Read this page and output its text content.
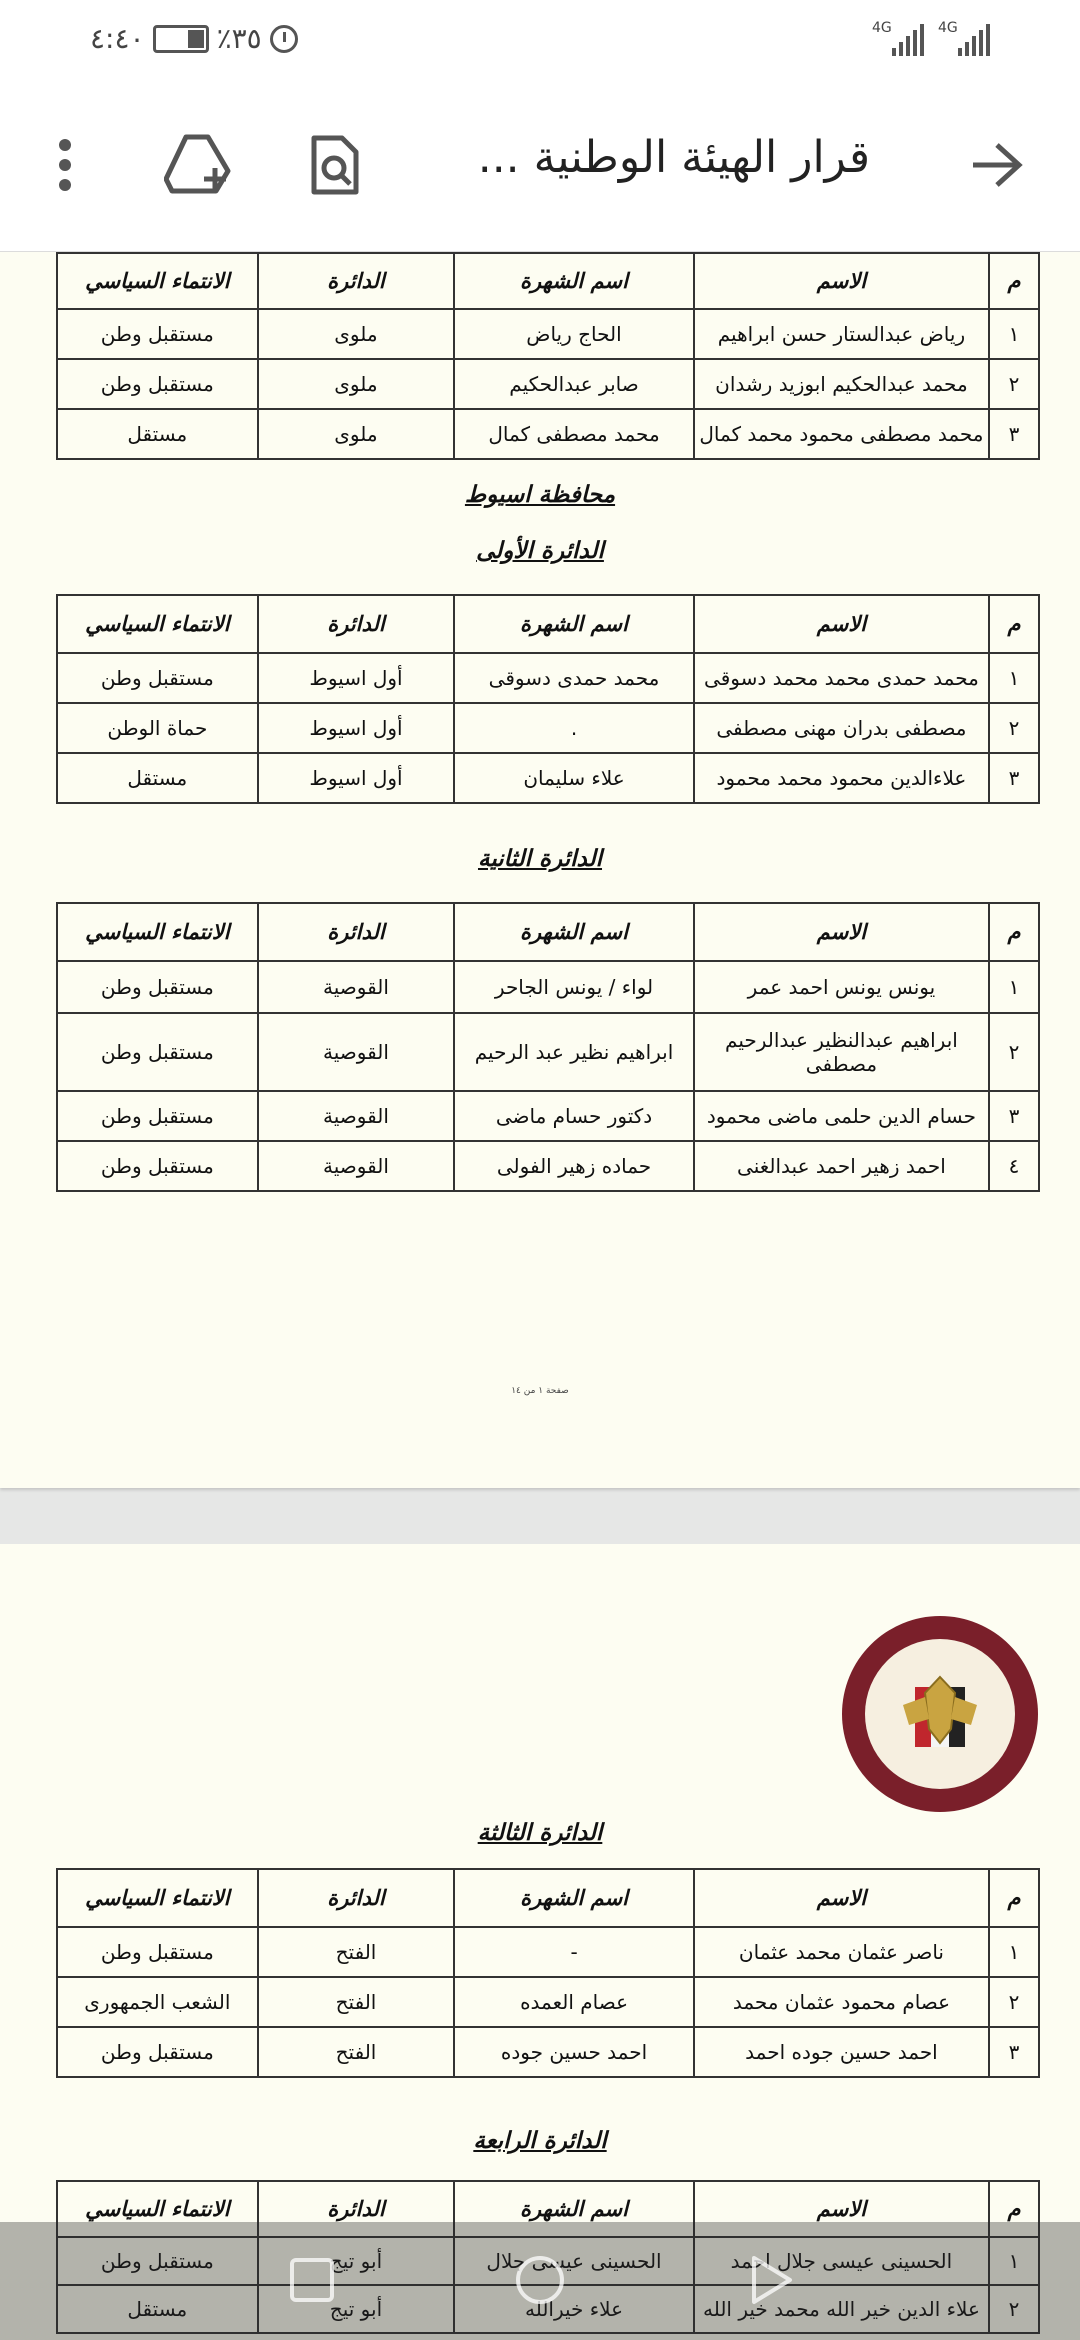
٤:٤٠	٪٣٥	4G	4G
قرار الهيئة الوطنية ...
م	الاسم	اسم الشهرة	الدائرة	الانتماء السياسي
١	رياض عبدالستار حسن ابراهيم	الحاج رياض	ملوى	مستقبل وطن
٢	محمد عبدالحكيم ابوزيد رشدان	صابر عبدالحكيم	ملوى	مستقبل وطن
٣	محمد مصطفى محمود محمد كمال	محمد مصطفى كمال	ملوى	مستقل
محافظة اسيوط
الدائرة الأولى
م	الاسم	اسم الشهرة	الدائرة	الانتماء السياسي
١	محمد حمدى محمد محمد دسوقى	محمد حمدى دسوقى	أول اسيوط	مستقبل وطن
٢	مصطفى بدران مهنى مصطفى	.	أول اسيوط	حماة الوطن
٣	علاءالدين محمود محمد محمود	علاء سليمان	أول اسيوط	مستقل
الدائرة الثانية
م	الاسم	اسم الشهرة	الدائرة	الانتماء السياسي
١	يونس يونس احمد عمر	لواء / يونس الجاحر	القوصية	مستقبل وطن
٢	ابراهيم عبدالنظير عبدالرحيم مصطفى	ابراهيم نظير عبد الرحيم	القوصية	مستقبل وطن
٣	حسام الدين حلمى ماضى محمود	دكتور حسام ماضى	القوصية	مستقبل وطن
٤	احمد زهير احمد عبدالغنى	حماده زهير الفولى	القوصية	مستقبل وطن
صفحة ١ من ١٤
الدائرة الثالثة
م	الاسم	اسم الشهرة	الدائرة	الانتماء السياسي
١	ناصر عثمان محمد عثمان	-	الفتح	مستقبل وطن
٢	عصام محمود عثمان محمد	عصام العمده	الفتح	الشعب الجمهورى
٣	احمد حسين جوده احمد	احمد حسين جوده	الفتح	مستقبل وطن
الدائرة الرابعة
م	الاسم	اسم الشهرة	الدائرة	الانتماء السياسي
١	الحسينى عيسى جلال احمد	الحسينى عيسى جلال	أبو تيج	مستقبل وطن
٢	علاء الدين خير الله محمد خير الله	علاء خيرالله	أبو تيج	مستقل
